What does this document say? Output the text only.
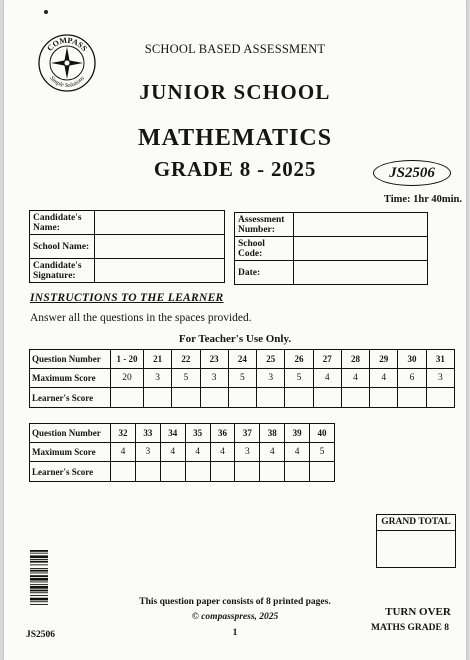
COMPASS
Simple Solutions
SCHOOL BASED ASSESSMENT
JUNIOR SCHOOL
MATHEMATICS
GRADE 8 - 2025	JS2506
Time: 1hr 40min.
Candidate's Name:	
School Name:	
Candidate's Signature:	
Assessment Number:	
School Code:	
Date:	
INSTRUCTIONS TO THE LEARNER
Answer all the questions in the spaces provided.
For Teacher's Use Only.
Question Number	1 - 20	21	22	23	24	25	26	27	28	29	30	31
Maximum Score	20	3	5	3	5	3	5	4	4	4	6	3
Learner's Score												
Question Number	32	33	34	35	36	37	38	39	40
Maximum Score	4	3	4	4	4	3	4	4	5
Learner's Score									
GRAND TOTAL
JS2506
This question paper consists of 8 printed pages.
© compasspress, 2025
1
TURN OVER
MATHS GRADE 8
